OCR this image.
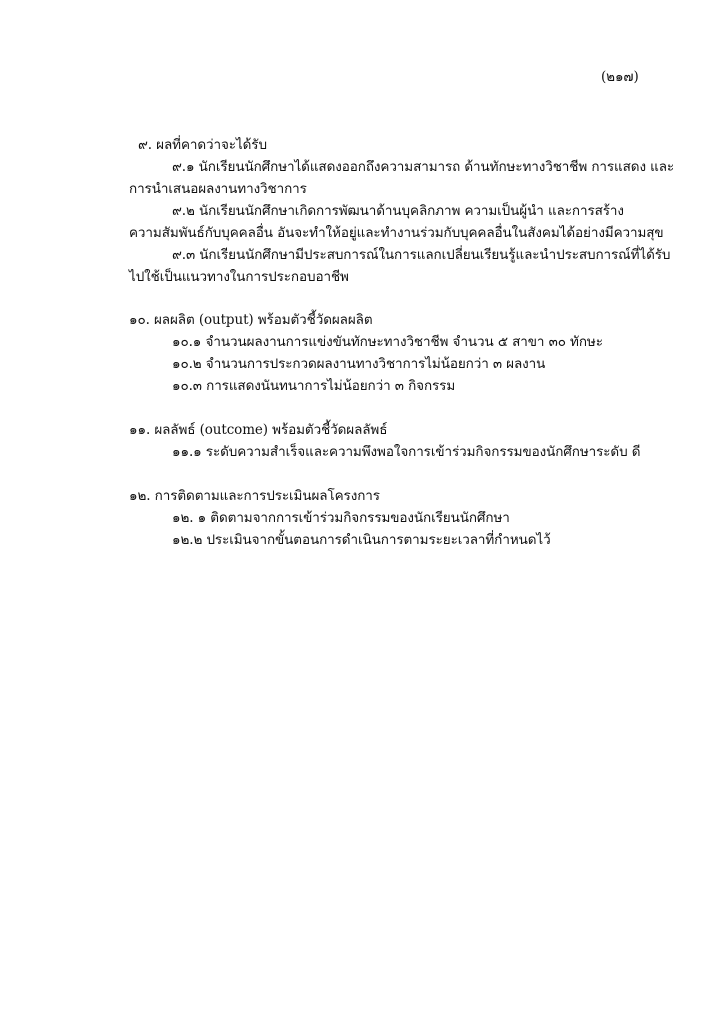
(๒๑๗)
๙. ผลที่คาดว่าจะได้รับ
๙.๑ นักเรียนนักศึกษาได้แสดงออกถึงความสามารถ ด้านทักษะทางวิชาชีพ การแสดง และ
การนำเสนอผลงานทางวิชาการ
๙.๒ นักเรียนนักศึกษาเกิดการพัฒนาด้านบุคลิกภาพ ความเป็นผู้นำ และการสร้าง
ความสัมพันธ์กับบุคคลอื่น อันจะทำให้อยู่และทำงานร่วมกับบุคคลอื่นในสังคมได้อย่างมีความสุข
๙.๓ นักเรียนนักศึกษามีประสบการณ์ในการแลกเปลี่ยนเรียนรู้และนำประสบการณ์ที่ได้รับ
ไปใช้เป็นแนวทางในการประกอบอาชีพ
๑๐. ผลผลิต (output) พร้อมตัวชี้วัดผลผลิต
๑๐.๑ จำนวนผลงานการแข่งขันทักษะทางวิชาชีพ จำนวน ๕ สาขา ๓๐ ทักษะ
๑๐.๒ จำนวนการประกวดผลงานทางวิชาการไม่น้อยกว่า ๓ ผลงาน
๑๐.๓ การแสดงนันทนาการไม่น้อยกว่า ๓ กิจกรรม
๑๑. ผลลัพธ์ (outcome) พร้อมตัวชี้วัดผลลัพธ์
๑๑.๑ ระดับความสำเร็จและความพึงพอใจการเข้าร่วมกิจกรรมของนักศึกษาระดับ ดี
๑๒. การติดตามและการประเมินผลโครงการ
๑๒. ๑ ติดตามจากการเข้าร่วมกิจกรรมของนักเรียนนักศึกษา
๑๒.๒ ประเมินจากขั้นตอนการดำเนินการตามระยะเวลาที่กำหนดไว้
